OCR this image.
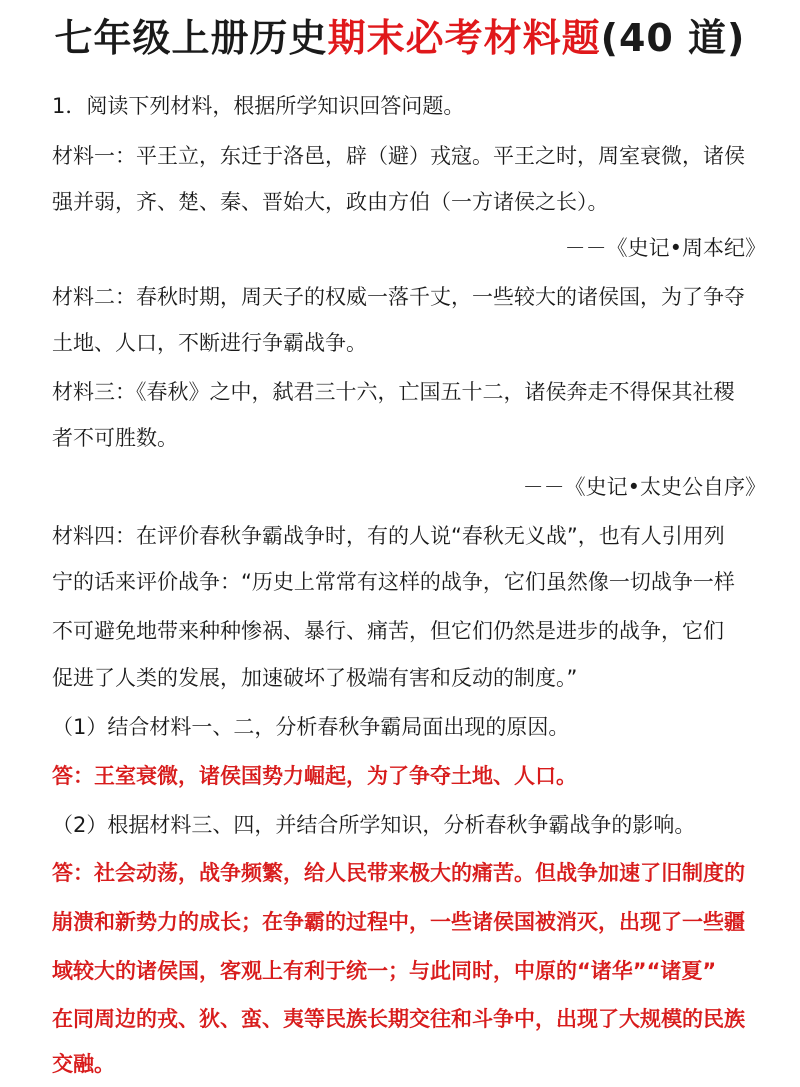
七年级上册历史期末必考材料题(40 道)
1．阅读下列材料，根据所学知识回答问题。
材料一：平王立，东迁于洛邑，辟（避）戎寇。平王之时，周室衰微，诸侯
强并弱，齐、楚、秦、晋始大，政由方伯（一方诸侯之长）。
－－《史记•周本纪》
材料二：春秋时期，周天子的权威一落千丈，一些较大的诸侯国，为了争夺
土地、人口，不断进行争霸战争。
材料三：《春秋》之中，弑君三十六，亡国五十二，诸侯奔走不得保其社稷
者不可胜数。
－－《史记•太史公自序》
材料四：在评价春秋争霸战争时，有的人说“春秋无义战”，也有人引用列
宁的话来评价战争：“历史上常常有这样的战争，它们虽然像一切战争一样
不可避免地带来种种惨祸、暴行、痛苦，但它们仍然是进步的战争，它们
促进了人类的发展，加速破坏了极端有害和反动的制度。”
（1）结合材料一、二，分析春秋争霸局面出现的原因。
答：王室衰微，诸侯国势力崛起，为了争夺土地、人口。
（2）根据材料三、四，并结合所学知识，分析春秋争霸战争的影响。
答：社会动荡，战争频繁，给人民带来极大的痛苦。但战争加速了旧制度的
崩溃和新势力的成长；在争霸的过程中，一些诸侯国被消灭，出现了一些疆
域较大的诸侯国，客观上有利于统一；与此同时，中原的“诸华”“诸夏”
在同周边的戎、狄、蛮、夷等民族长期交往和斗争中，出现了大规模的民族
交融。
